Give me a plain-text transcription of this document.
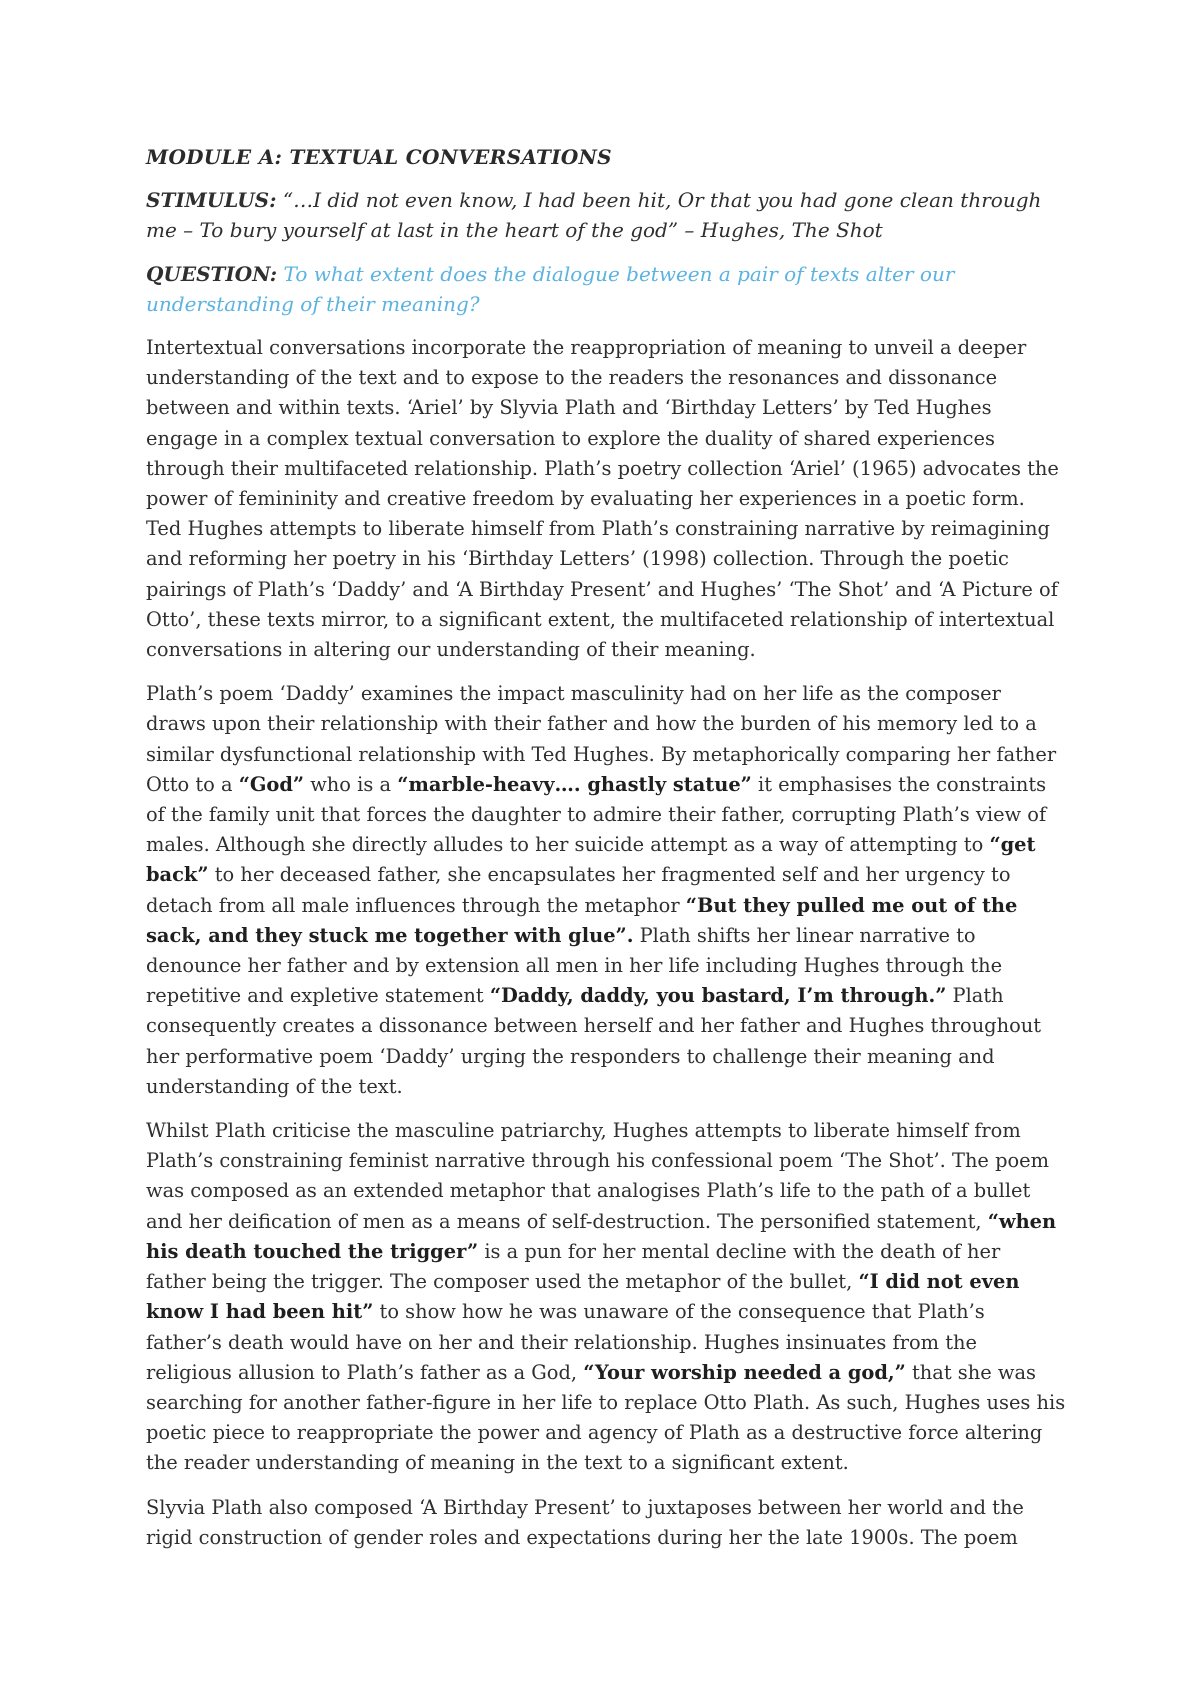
MODULE A: TEXTUAL CONVERSATIONS
STIMULUS: “…I did not even know, I had been hit, Or that you had gone clean through me – To bury yourself at last in the heart of the god” – Hughes, The Shot
QUESTION: To what extent does the dialogue between a pair of texts alter our understanding of their meaning?

Intertextual conversations incorporate the reappropriation of meaning to unveil a deeper understanding of the text and to expose to the readers the resonances and dissonance between and within texts. ‘Ariel’ by Slyvia Plath and ‘Birthday Letters’ by Ted Hughes engage in a complex textual conversation to explore the duality of shared experiences through their multifaceted relationship. Plath’s poetry collection ‘Ariel’ (1965) advocates the power of femininity and creative freedom by evaluating her experiences in a poetic form. Ted Hughes attempts to liberate himself from Plath’s constraining narrative by reimagining and reforming her poetry in his ‘Birthday Letters’ (1998) collection. Through the poetic pairings of Plath’s ‘Daddy’ and ‘A Birthday Present’ and Hughes’ ‘The Shot’ and ‘A Picture of Otto’, these texts mirror, to a significant extent, the multifaceted relationship of intertextual conversations in altering our understanding of their meaning.

Plath’s poem ‘Daddy’ examines the impact masculinity had on her life as the composer draws upon their relationship with their father and how the burden of his memory led to a similar dysfunctional relationship with Ted Hughes. By metaphorically comparing her father Otto to a “God” who is a “marble-heavy…. ghastly statue” it emphasises the constraints of the family unit that forces the daughter to admire their father, corrupting Plath’s view of males. Although she directly alludes to her suicide attempt as a way of attempting to “get back” to her deceased father, she encapsulates her fragmented self and her urgency to detach from all male influences through the metaphor “But they pulled me out of the sack, and they stuck me together with glue”. Plath shifts her linear narrative to denounce her father and by extension all men in her life including Hughes through the repetitive and expletive statement “Daddy, daddy, you bastard, I’m through.” Plath consequently creates a dissonance between herself and her father and Hughes throughout her performative poem ‘Daddy’ urging the responders to challenge their meaning and understanding of the text.

Whilst Plath criticise the masculine patriarchy, Hughes attempts to liberate himself from Plath’s constraining feminist narrative through his confessional poem ‘The Shot’. The poem was composed as an extended metaphor that analogises Plath’s life to the path of a bullet and her deification of men as a means of self-destruction. The personified statement, “when his death touched the trigger” is a pun for her mental decline with the death of her father being the trigger. The composer used the metaphor of the bullet, “I did not even know I had been hit” to show how he was unaware of the consequence that Plath’s father’s death would have on her and their relationship. Hughes insinuates from the religious allusion to Plath’s father as a God, “Your worship needed a god,” that she was searching for another father-figure in her life to replace Otto Plath. As such, Hughes uses his poetic piece to reappropriate the power and agency of Plath as a destructive force altering the reader understanding of meaning in the text to a significant extent.

Slyvia Plath also composed ‘A Birthday Present’ to juxtaposes between her world and the rigid construction of gender roles and expectations during her the late 1900s. The poem
